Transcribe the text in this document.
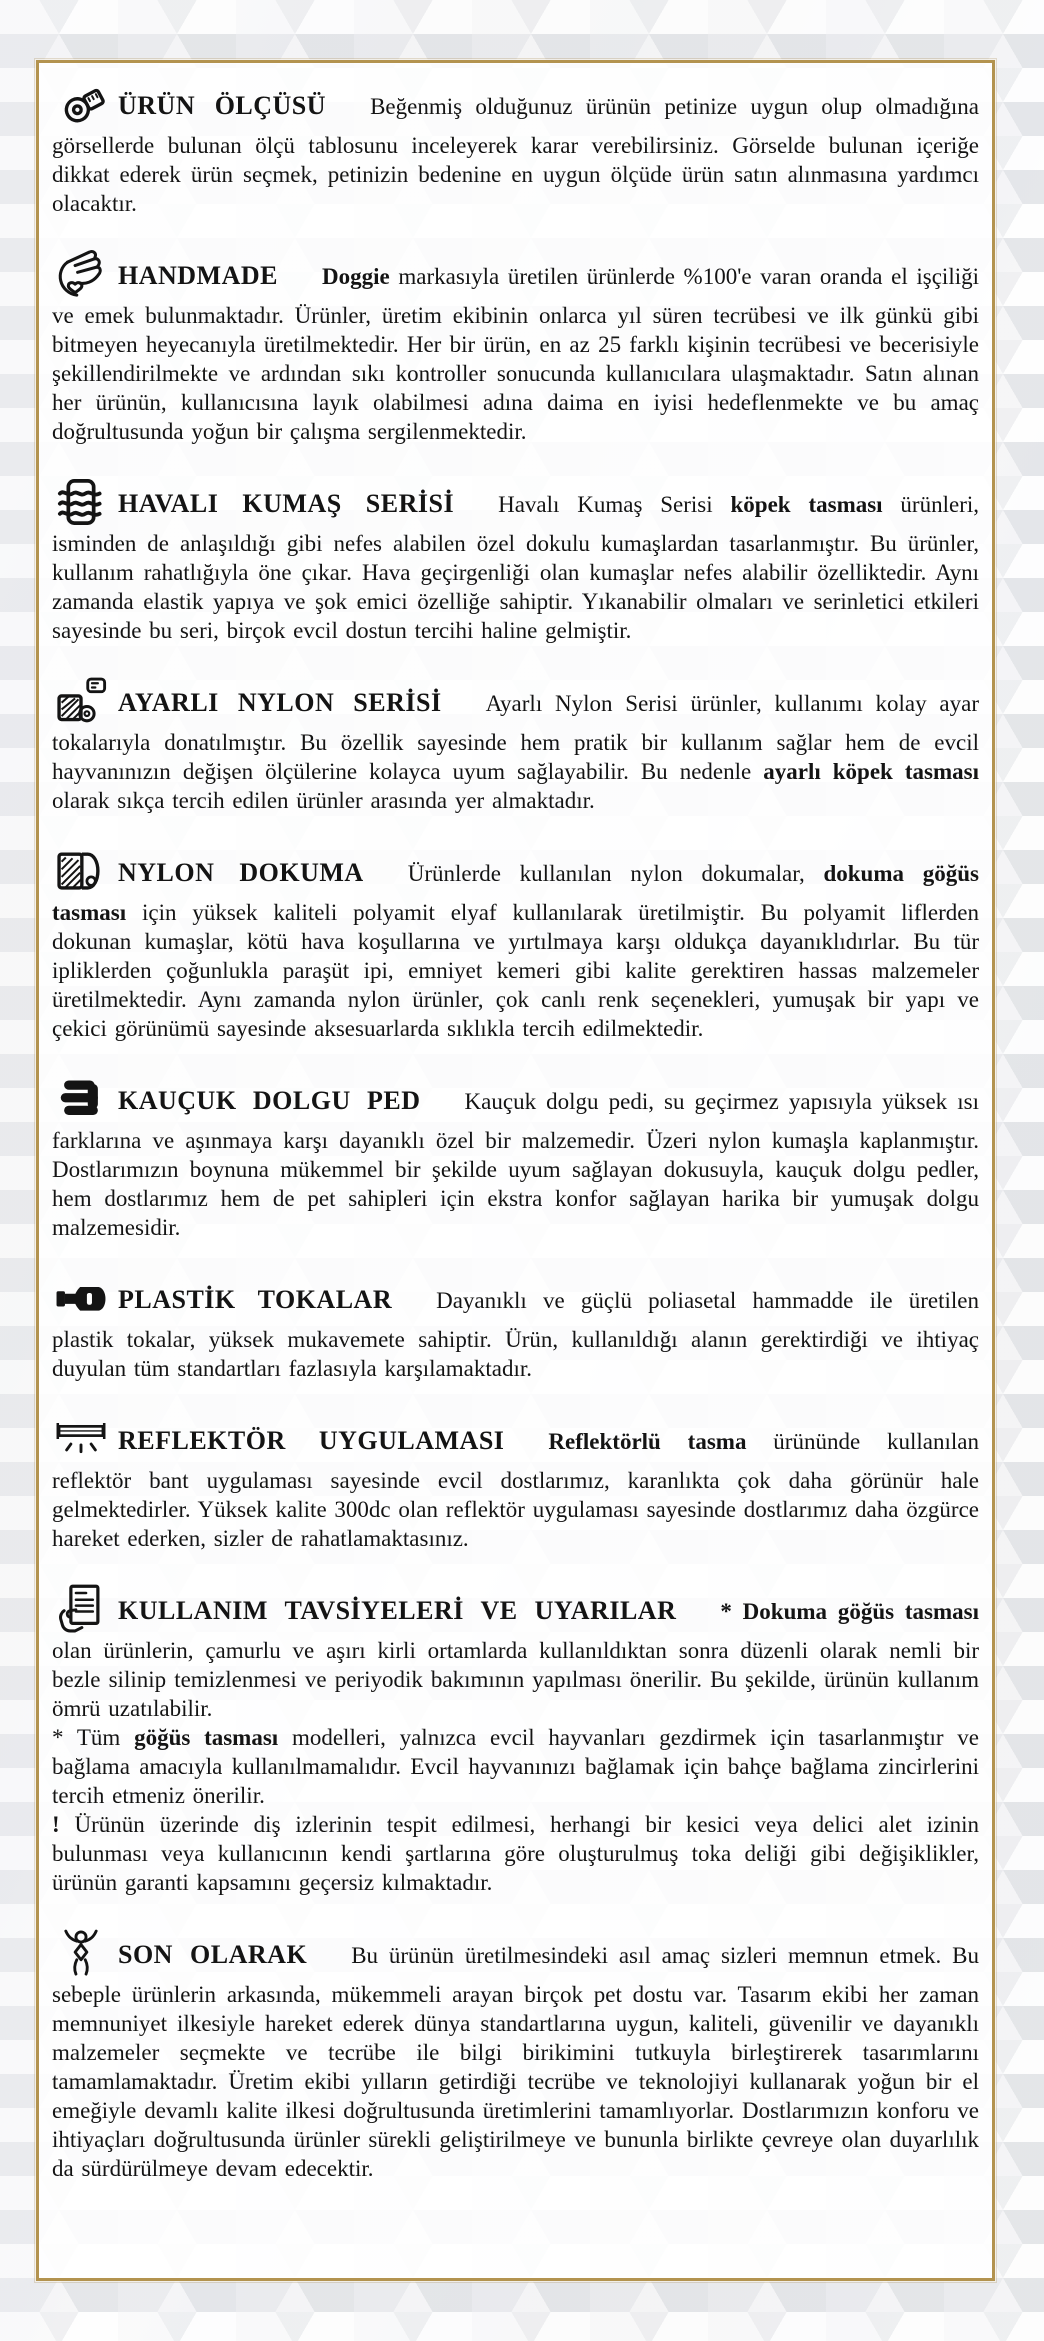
ÜRÜN ÖLÇÜSÜ Beğenmiş olduğunuz ürünün petinize uygun olup olmadığına görsellerde bulunan ölçü tablosunu inceleyerek karar verebilirsiniz. Görselde bulunan içeriğe dikkat ederek ürün seçmek, petinizin bedenine en uygun ölçüde ürün satın alınmasına yardımcı olacaktır.

HANDMADE Doggie markasıyla üretilen ürünlerde %100'e varan oranda el işçiliği ve emek bulunmaktadır. Ürünler, üretim ekibinin onlarca yıl süren tecrübesi ve ilk günkü gibi bitmeyen heyecanıyla üretilmektedir. Her bir ürün, en az 25 farklı kişinin tecrübesi ve becerisiyle şekillendirilmekte ve ardından sıkı kontroller sonucunda kullanıcılara ulaşmaktadır. Satın alınan her ürünün, kullanıcısına layık olabilmesi adına daima en iyisi hedeflenmekte ve bu amaç doğrultusunda yoğun bir çalışma sergilenmektedir.

HAVALI KUMAŞ SERİSİ Havalı Kumaş Serisi köpek tasması ürünleri, isminden de anlaşıldığı gibi nefes alabilen özel dokulu kumaşlardan tasarlanmıştır. Bu ürünler, kullanım rahatlığıyla öne çıkar. Hava geçirgenliği olan kumaşlar nefes alabilir özelliktedir. Aynı zamanda elastik yapıya ve şok emici özelliğe sahiptir. Yıkanabilir olmaları ve serinletici etkileri sayesinde bu seri, birçok evcil dostun tercihi haline gelmiştir.

AYARLI NYLON SERİSİ Ayarlı Nylon Serisi ürünler, kullanımı kolay ayar tokalarıyla donatılmıştır. Bu özellik sayesinde hem pratik bir kullanım sağlar hem de evcil hayvanınızın değişen ölçülerine kolayca uyum sağlayabilir. Bu nedenle ayarlı köpek tasması olarak sıkça tercih edilen ürünler arasında yer almaktadır.

NYLON DOKUMA Ürünlerde kullanılan nylon dokumalar, dokuma göğüs tasması için yüksek kaliteli polyamit elyaf kullanılarak üretilmiştir. Bu polyamit liflerden dokunan kumaşlar, kötü hava koşullarına ve yırtılmaya karşı oldukça dayanıklıdırlar. Bu tür ipliklerden çoğunlukla paraşüt ipi, emniyet kemeri gibi kalite gerektiren hassas malzemeler üretilmektedir. Aynı zamanda nylon ürünler, çok canlı renk seçenekleri, yumuşak bir yapı ve çekici görünümü sayesinde aksesuarlarda sıklıkla tercih edilmektedir.

KAUÇUK DOLGU PED Kauçuk dolgu pedi, su geçirmez yapısıyla yüksek ısı farklarına ve aşınmaya karşı dayanıklı özel bir malzemedir. Üzeri nylon kumaşla kaplanmıştır. Dostlarımızın boynuna mükemmel bir şekilde uyum sağlayan dokusuyla, kauçuk dolgu pedler, hem dostlarımız hem de pet sahipleri için ekstra konfor sağlayan harika bir yumuşak dolgu malzemesidir.

PLASTİK TOKALAR Dayanıklı ve güçlü poliasetal hammadde ile üretilen plastik tokalar, yüksek mukavemete sahiptir. Ürün, kullanıldığı alanın gerektirdiği ve ihtiyaç duyulan tüm standartları fazlasıyla karşılamaktadır.

REFLEKTÖR UYGULAMASI Reflektörlü tasma ürününde kullanılan reflektör bant uygulaması sayesinde evcil dostlarımız, karanlıkta çok daha görünür hale gelmektedirler. Yüksek kalite 300dc olan reflektör uygulaması sayesinde dostlarımız daha özgürce hareket ederken, sizler de rahatlamaktasınız.

KULLANIM TAVSİYELERİ VE UYARILAR * Dokuma göğüs tasması olan ürünlerin, çamurlu ve aşırı kirli ortamlarda kullanıldıktan sonra düzenli olarak nemli bir bezle silinip temizlenmesi ve periyodik bakımının yapılması önerilir. Bu şekilde, ürünün kullanım ömrü uzatılabilir.

* Tüm göğüs tasması modelleri, yalnızca evcil hayvanları gezdirmek için tasarlanmıştır ve bağlama amacıyla kullanılmamalıdır. Evcil hayvanınızı bağlamak için bahçe bağlama zincirlerini tercih etmeniz önerilir.

! Ürünün üzerinde diş izlerinin tespit edilmesi, herhangi bir kesici veya delici alet izinin bulunması veya kullanıcının kendi şartlarına göre oluşturulmuş toka deliği gibi değişiklikler, ürünün garanti kapsamını geçersiz kılmaktadır.

SON OLARAK Bu ürünün üretilmesindeki asıl amaç sizleri memnun etmek. Bu sebeple ürünlerin arkasında, mükemmeli arayan birçok pet dostu var. Tasarım ekibi her zaman memnuniyet ilkesiyle hareket ederek dünya standartlarına uygun, kaliteli, güvenilir ve dayanıklı malzemeler seçmekte ve tecrübe ile bilgi birikimini tutkuyla birleştirerek tasarımlarını tamamlamaktadır. Üretim ekibi yılların getirdiği tecrübe ve teknolojiyi kullanarak yoğun bir el emeğiyle devamlı kalite ilkesi doğrultusunda üretimlerini tamamlıyorlar. Dostlarımızın konforu ve ihtiyaçları doğrultusunda ürünler sürekli geliştirilmeye ve bununla birlikte çevreye olan duyarlılık da sürdürülmeye devam edecektir.
